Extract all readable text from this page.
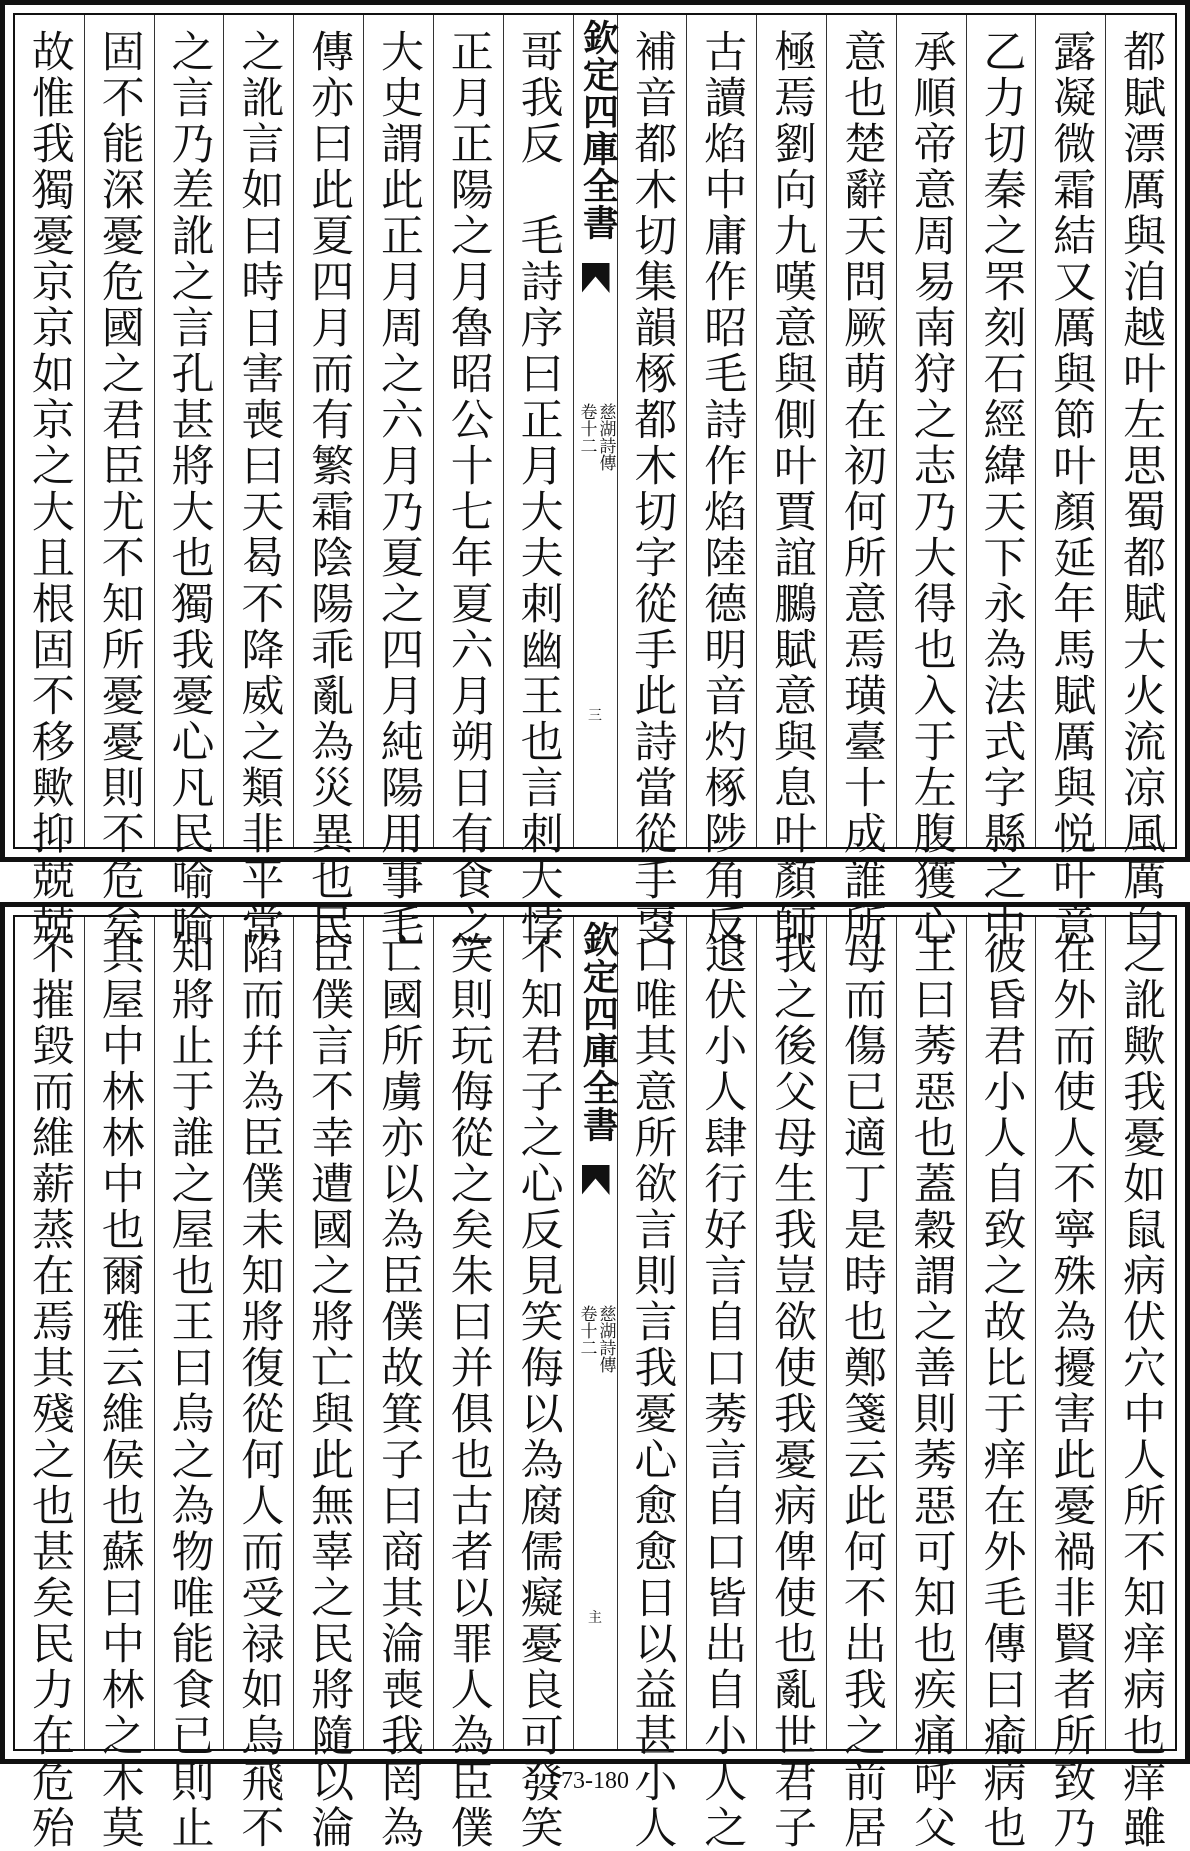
都賦漂厲與洎越叶左思蜀都賦大火流凉風厲白
露凝微霜結又厲與節叶顏延年馬賦厲與悦叶意
乙力切秦之罘刻石經緯天下永為法式字縣之中
承順帝意周易南狩之志乃大得也入于左腹獲心
意也楚辭天問厥萌在初何所意焉璜臺十成誰所
極焉劉向九嘆意與側叶賈誼鵩賦意與息叶顏師
古讀焰中庸作昭毛詩作焰陸德明音灼椓陟角反
補音都木切集韻椓都木切字從手此詩當從手㪅
欽定四庫全書
慈湖詩傳
卷十二
三
哥我反　毛詩序曰正月大夫刺幽王也言刺大悖
正月正陽之月魯昭公十七年夏六月朔日有食之
大史謂此正月周之六月乃夏之四月純陽用事毛
傳亦曰此夏四月而有繁霜陰陽乖亂為災異也民
之訛言如曰時日害喪曰天曷不降威之類非平常
之言乃差訛之言孔甚將大也獨我憂心凡民喻喻
固不能深憂危國之君臣尤不知所憂憂則不危矣
故惟我獨憂京京如京之大且根固不移歟抑兢兢
之訛歟我憂如鼠病伏穴中人所不知痒病也痒雖
在外而使人不寧殊為擾害此憂禍非賢者所致乃
彼昏君小人自致之故比于痒在外毛傳曰瘉病也
王曰莠惡也蓋穀謂之善則莠惡可知也疾痛呼父
母而傷已適丁是時也鄭箋云此何不出我之前居
我之後父母生我豈欲使我憂病俾使也亂世君子
退伏小人肆行好言自口莠言自口皆出自小人之
口唯其意所欲言則言我憂心愈愈日以益甚小人
欽定四庫全書
慈湖詩傳
卷十二
主
不知君子之心反見笑侮以為腐儒癡憂良可發笑
笑則玩侮從之矣朱曰并俱也古者以罪人為臣僕
亡國所虜亦以為臣僕故箕子曰商其淪喪我罔為
臣僕言不幸遭國之將亡與此無辜之民將隨以淪
陷而幷為臣僕未知將復從何人而受禄如烏飛不
知將止于誰之屋也王曰烏之為物唯能食已則止
其屋中林林中也爾雅云維侯也蘇曰中林之木莫
不摧毀而維薪蒸在焉其殘之也甚矣民力在危殆	73-180
